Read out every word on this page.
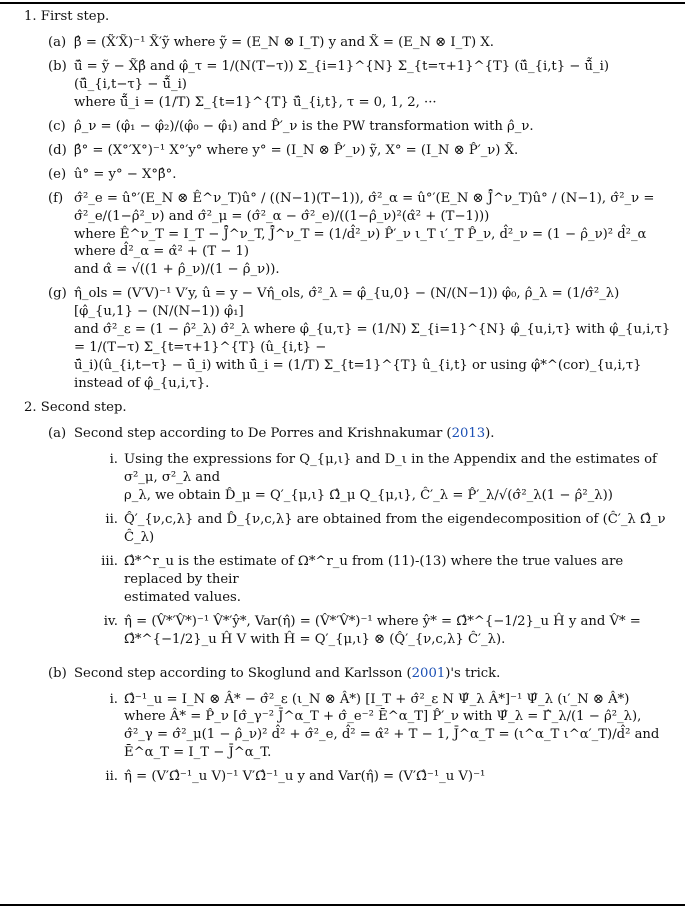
1. First step.
(a) β̂ = (X̃′X̃)⁻¹ X̃′ỹ where ỹ = (E_N ⊗ I_T) y and X̃ = (E_N ⊗ I_T) X.
(b) ũ̂ = ỹ − X̃β̂ and φ̂_τ = 1/(N(T−τ)) Σ_{i=1}^{N} Σ_{t=τ+1}^{T} (ũ̂_{i,t} − ū̂̃_i)(ũ̂_{i,t−τ} − ū̂̃_i)
where ū̂̃_i = (1/T) Σ_{t=1}^{T} ũ̂_{i,t}, τ = 0, 1, 2, ···
(c) ρ̂_ν = (φ̂₁ − φ̂₂)/(φ̂₀ − φ̂₁) and P̂′_ν is the PW transformation with ρ̂_ν.
(d) β̂° = (X°′X°)⁻¹ X°′y° where y° = (I_N ⊗ P̂′_ν) ỹ, X° = (I_N ⊗ P̂′_ν) X̃.
(e) û° = y° − X°β̂°.
(f) σ̂²_e = û°′(E_N ⊗ Ê^ν_T)û° / ((N−1)(T−1)), σ̂²_α = û°′(E_N ⊗ J̄̂^ν_T)û° / (N−1), σ̂²_ν = σ̂²_e/(1−ρ̂²_ν) and σ̂²_μ = (σ̂²_α − σ̂²_e)/((1−ρ̂_ν)²(α̂² + (T−1)))
where Ê^ν_T = I_T − J̄̂^ν_T, J̄̂^ν_T = (1/d̂²_ν) P̂′_ν ι_T ι′_T P̂_ν, d̂²_ν = (1 − ρ̂_ν)² d̂²_α where d̂²_α = α̂² + (T − 1)
and α̂ = √((1 + ρ̂_ν)/(1 − ρ̂_ν)).
(g) η̂_ols = (V′V)⁻¹ V′y, û = y − Vη̂_ols, σ̂²_λ = φ̂_{u,0} − (N/(N−1)) φ̂₀, ρ̂_λ = (1/σ̂²_λ)[φ̂_{u,1} − (N/(N−1)) φ̂₁]
and σ̂²_ε = (1 − ρ̂²_λ) σ̂²_λ where φ̂_{u,τ} = (1/N) Σ_{i=1}^{N} φ̂_{u,i,τ} with φ̂_{u,i,τ} = 1/(T−τ) Σ_{t=τ+1}^{T} (û_{i,t} −
ū̂_i)(û_{i,t−τ} − ū̂_i) with ū̂_i = (1/T) Σ_{t=1}^{T} û_{i,t} or using φ̂*^(cor)_{u,i,τ} instead of φ̂_{u,i,τ}.
2. Second step.
(a) Second step according to De Porres and Krishnakumar (2013).
i. Using the expressions for Q_{μ,ι} and D_ι in the Appendix and the estimates of σ²_μ, σ²_λ and
ρ_λ, we obtain D̂_μ = Q′_{μ,ι} Ω̂_μ Q_{μ,ι}, Ĉ′_λ = P̂′_λ/√(σ̂²_λ(1 − ρ̂²_λ))
ii. Q̂′_{ν,c,λ} and D̂_{ν,c,λ} are obtained from the eigendecomposition of (Ĉ′_λ Ω̂_ν Ĉ_λ)
iii. Ω̂*^r_u is the estimate of Ω*^r_u from (11)-(13) where the true values are replaced by their
estimated values.
iv. η̂ = (V̂*′V̂*)⁻¹ V̂*′ŷ*, Var(η̂) = (V̂*′V̂*)⁻¹ where ŷ* = Ω̂*^{−1/2}_u Ĥ y and V̂* =
Ω̂*^{−1/2}_u Ĥ V with Ĥ = Q′_{μ,ι} ⊗ (Q̂′_{ν,c,λ} Ĉ′_λ).
(b) Second step according to Skoglund and Karlsson (2001)'s trick.
i. Ω̂⁻¹_u = I_N ⊗ Â* − σ̂²_ε (ι_N ⊗ Â*) [I_T + σ̂²_ε N Ψ̂_λ Â*]⁻¹ Ψ̂_λ (ι′_N ⊗ Â*)
where Â* = P̂_ν [σ̂_γ⁻² J̄^α_T + σ̂_e⁻² Ē^α_T] P̂′_ν with Ψ̂_λ = Γ̂_λ/(1 − ρ̂²_λ),
σ̂²_γ = σ̂²_μ(1 − ρ̂_ν)² d̂² + σ̂²_e, d̂² = α̂² + T − 1, J̄^α_T = (ι^α_T ι^α′_T)/d̂² and Ē^α_T = I_T − J̄^α_T.
ii. η̂ = (V′Ω̂⁻¹_u V)⁻¹ V′Ω̂⁻¹_u y and Var(η̂) = (V′Ω̂⁻¹_u V)⁻¹
